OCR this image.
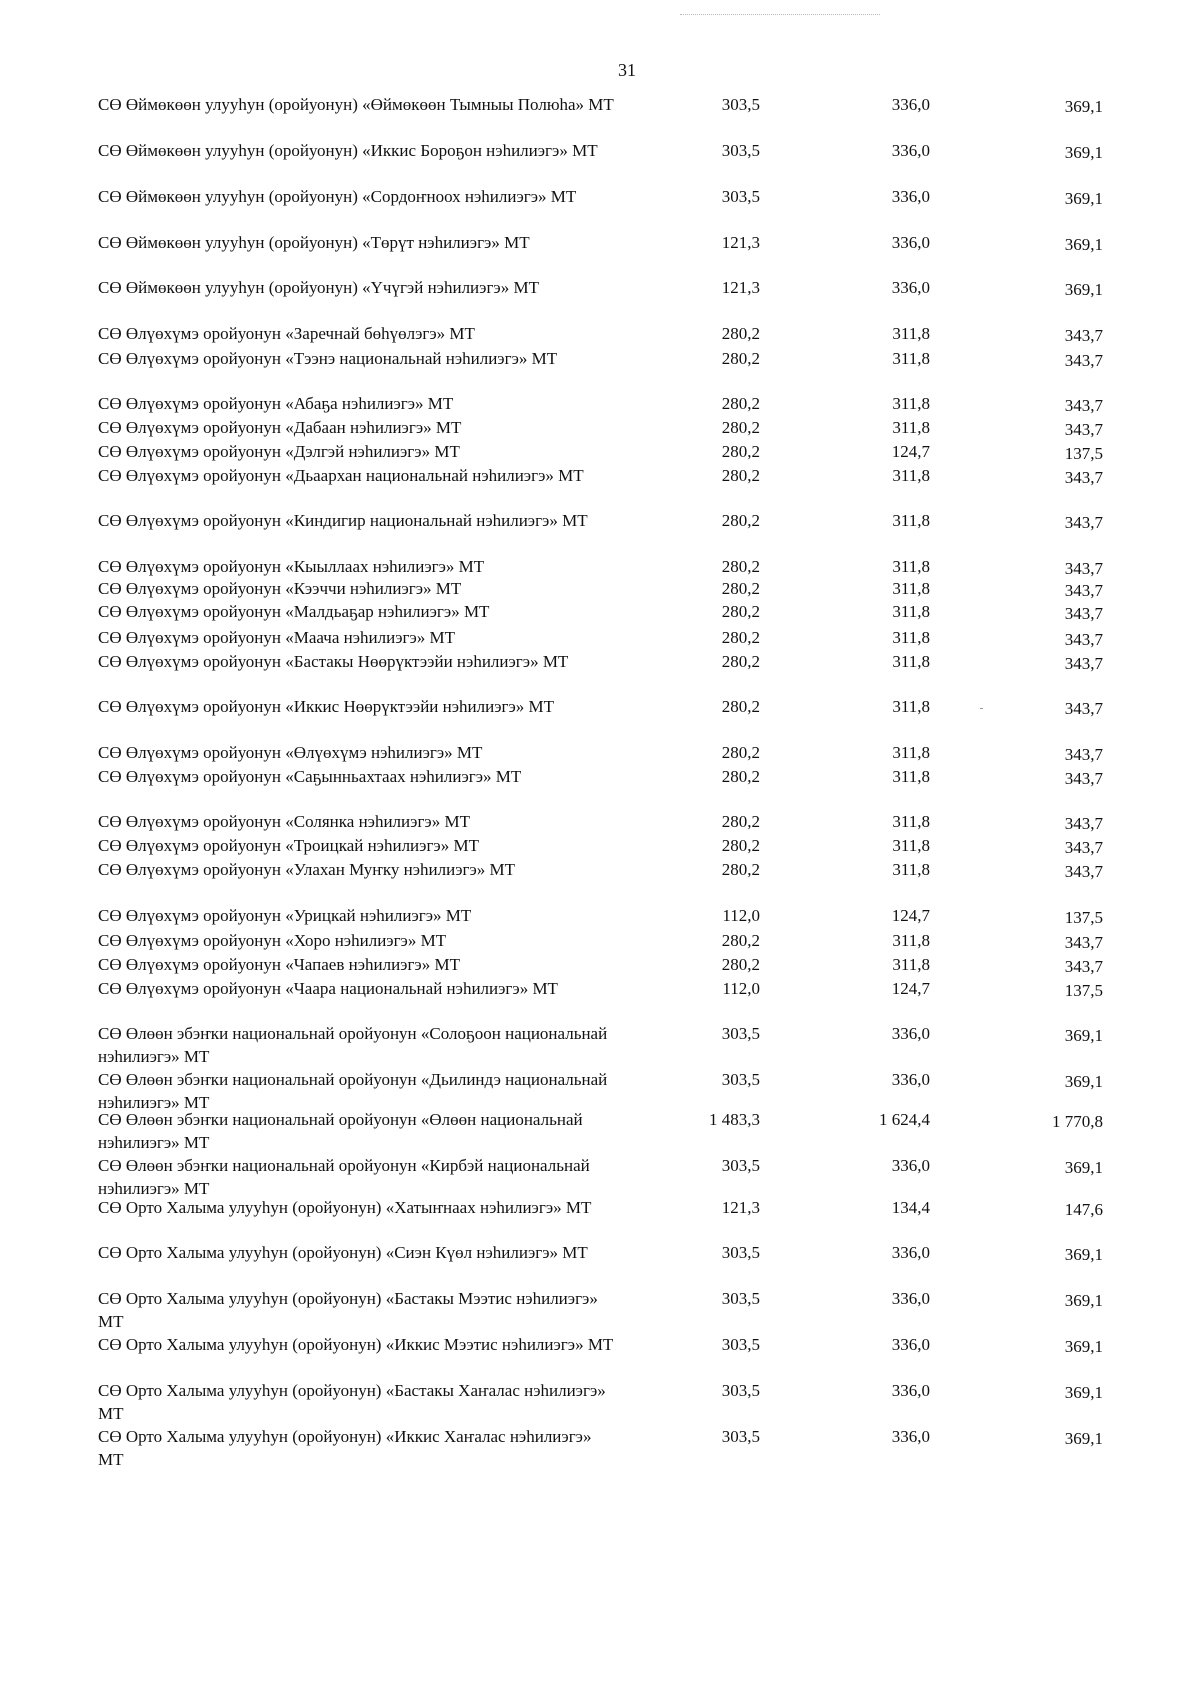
31
СӨ Өймөкөөн улууһун (оройуонун) «Өймөкөөн Тымныы Полюһа» МТ	303,5	336,0	369,1
СӨ Өймөкөөн улууһун (оройуонун) «Иккис Бороҕон нэһилиэгэ» МТ	303,5	336,0	369,1
СӨ Өймөкөөн улууһун (оройуонун) «Сордоҥноох нэһилиэгэ» МТ	303,5	336,0	369,1
СӨ Өймөкөөн улууһун (оройуонун) «Төрүт нэһилиэгэ» МТ	121,3	336,0	369,1
СӨ Өймөкөөн улууһун (оройуонун) «Үчүгэй нэһилиэгэ» МТ	121,3	336,0	369,1
СӨ Өлүөхүмэ оройуонун «Заречнай бөһүөлэгэ» МТ	280,2	311,8	343,7
СӨ Өлүөхүмэ оройуонун «Тээнэ национальнай нэһилиэгэ» МТ	280,2	311,8	343,7
СӨ Өлүөхүмэ оройуонун «Абаҕа нэһилиэгэ» МТ	280,2	311,8	343,7
СӨ Өлүөхүмэ оройуонун «Дабаан нэһилиэгэ» МТ	280,2	311,8	343,7
СӨ Өлүөхүмэ оройуонун «Дэлгэй нэһилиэгэ» МТ	280,2	124,7	137,5
СӨ Өлүөхүмэ оройуонун «Дьаархан национальнай нэһилиэгэ» МТ	280,2	311,8	343,7
СӨ Өлүөхүмэ оройуонун «Киндигир национальнай нэһилиэгэ» МТ	280,2	311,8	343,7
СӨ Өлүөхүмэ оройуонун «Кыыллаах нэһилиэгэ» МТ	280,2	311,8	343,7
СӨ Өлүөхүмэ оройуонун «Кээччи нэһилиэгэ» МТ	280,2	311,8	343,7
СӨ Өлүөхүмэ оройуонун «Малдьаҕар нэһилиэгэ» МТ	280,2	311,8	343,7
СӨ Өлүөхүмэ оройуонун «Маача нэһилиэгэ» МТ	280,2	311,8	343,7
СӨ Өлүөхүмэ оройуонун «Бастакы Нөөрүктээйи нэһилиэгэ» МТ	280,2	311,8	343,7
СӨ Өлүөхүмэ оройуонун «Иккис Нөөрүктээйи нэһилиэгэ» МТ	280,2	311,8	343,7
СӨ Өлүөхүмэ оройуонун «Өлүөхүмэ нэһилиэгэ» МТ	280,2	311,8	343,7
СӨ Өлүөхүмэ оройуонун «Саҕынньахтаах нэһилиэгэ» МТ	280,2	311,8	343,7
СӨ Өлүөхүмэ оройуонун «Солянка нэһилиэгэ» МТ	280,2	311,8	343,7
СӨ Өлүөхүмэ оройуонун «Троицкай нэһилиэгэ» МТ	280,2	311,8	343,7
СӨ Өлүөхүмэ оройуонун «Улахан Муҥку нэһилиэгэ» МТ	280,2	311,8	343,7
СӨ Өлүөхүмэ оройуонун «Урицкай нэһилиэгэ» МТ	112,0	124,7	137,5
СӨ Өлүөхүмэ оройуонун «Хоро нэһилиэгэ» МТ	280,2	311,8	343,7
СӨ Өлүөхүмэ оройуонун «Чапаев нэһилиэгэ» МТ	280,2	311,8	343,7
СӨ Өлүөхүмэ оройуонун «Чаара национальнай нэһилиэгэ» МТ	112,0	124,7	137,5
СӨ Өлөөн эбэҥки национальнай оройуонун «Солоҕоон национальнай нэһилиэгэ» МТ
303,5	336,0	369,1
СӨ Өлөөн эбэҥки национальнай оройуонун «Дьилиндэ национальнай нэһилиэгэ» МТ
303,5	336,0	369,1
СӨ Өлөөн эбэҥки национальнай оройуонун «Өлөөн национальнай нэһилиэгэ» МТ
1 483,3	1 624,4	1 770,8
СӨ Өлөөн эбэҥки национальнай оройуонун «Кирбэй национальнай нэһилиэгэ» МТ
303,5	336,0	369,1
СӨ Орто Халыма улууһун (оройуонун) «Хатыҥнаах нэһилиэгэ» МТ	121,3	134,4	147,6
СӨ Орто Халыма улууһун (оройуонун) «Сиэн Күөл нэһилиэгэ» МТ	303,5	336,0	369,1
СӨ Орто Халыма улууһун (оройуонун) «Бастакы Мээтис нэһилиэгэ» МТ
303,5	336,0	369,1
СӨ Орто Халыма улууһун (оройуонун) «Иккис Мээтис нэһилиэгэ» МТ	303,5	336,0	369,1
СӨ Орто Халыма улууһун (оройуонун) «Бастакы Хаҥалас нэһилиэгэ» МТ
303,5	336,0	369,1
СӨ Орто Халыма улууһун (оройуонун) «Иккис Хаҥалас нэһилиэгэ» МТ
303,5	336,0	369,1
